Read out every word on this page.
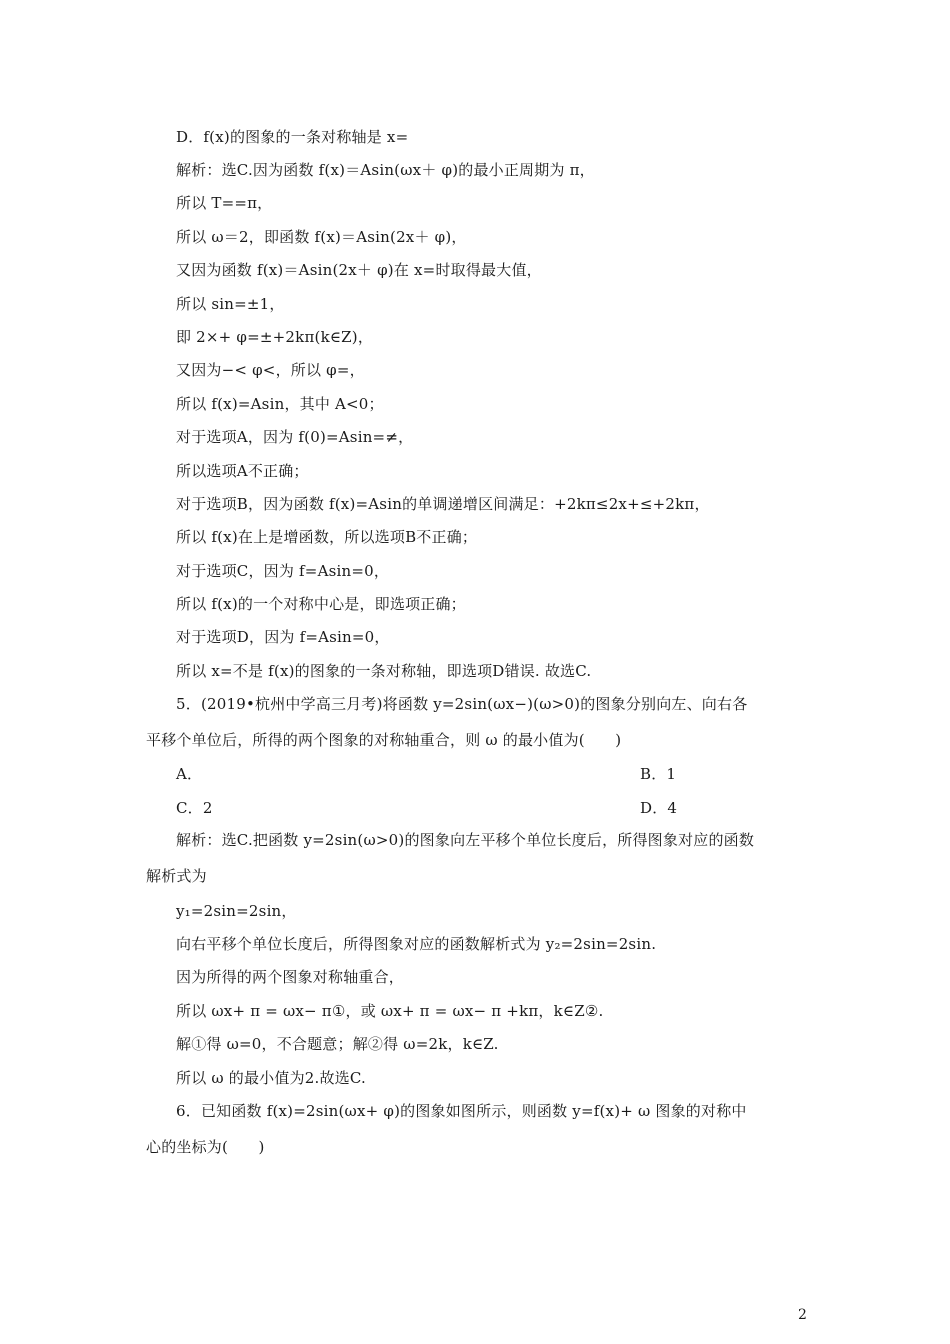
D．f(x)的图象的一条对称轴是 x=
解析：选C.因为函数 f(x)＝Asin(ωx＋ φ)的最小正周期为 π，
所以 T==π，
所以 ω＝2，即函数 f(x)＝Asin(2x＋ φ)，
又因为函数 f(x)＝Asin(2x＋ φ)在 x=时取得最大值，
所以 sin=±1，
即 2×+ φ=±+2kπ(k∈Z)，
又因为−< φ<，所以 φ=，
所以 f(x)=Asin，其中 A<0；
对于选项A，因为 f(0)=Asin=≠，
所以选项A不正确；
对于选项B，因为函数 f(x)=Asin的单调递增区间满足：+2kπ≤2x+≤+2kπ，
所以 f(x)在上是增函数，所以选项B不正确；
对于选项C，因为 f=Asin=0，
所以 f(x)的一个对称中心是，即选项正确；
对于选项D，因为 f=Asin=0，
所以 x=不是 f(x)的图象的一条对称轴，即选项D错误. 故选C.
5．(2019•杭州中学高三月考)将函数 y=2sin(ωx−)(ω>0)的图象分别向左、向右各
平移个单位后，所得的两个图象的对称轴重合，则 ω 的最小值为(　　)
A．	B．1
C．2	D．4
解析：选C.把函数 y=2sin(ω>0)的图象向左平移个单位长度后，所得图象对应的函数
解析式为
y₁=2sin=2sin，
向右平移个单位长度后，所得图象对应的函数解析式为 y₂=2sin=2sin.
因为所得的两个图象对称轴重合，
所以 ωx+ π = ωx− π①，或 ωx+ π = ωx− π +kπ，k∈Z②.
解①得 ω=0，不合题意；解②得 ω=2k，k∈Z.
所以 ω 的最小值为2.故选C.
6．已知函数 f(x)=2sin(ωx+ φ)的图象如图所示，则函数 y=f(x)+ ω 图象的对称中
心的坐标为(　　)
2
